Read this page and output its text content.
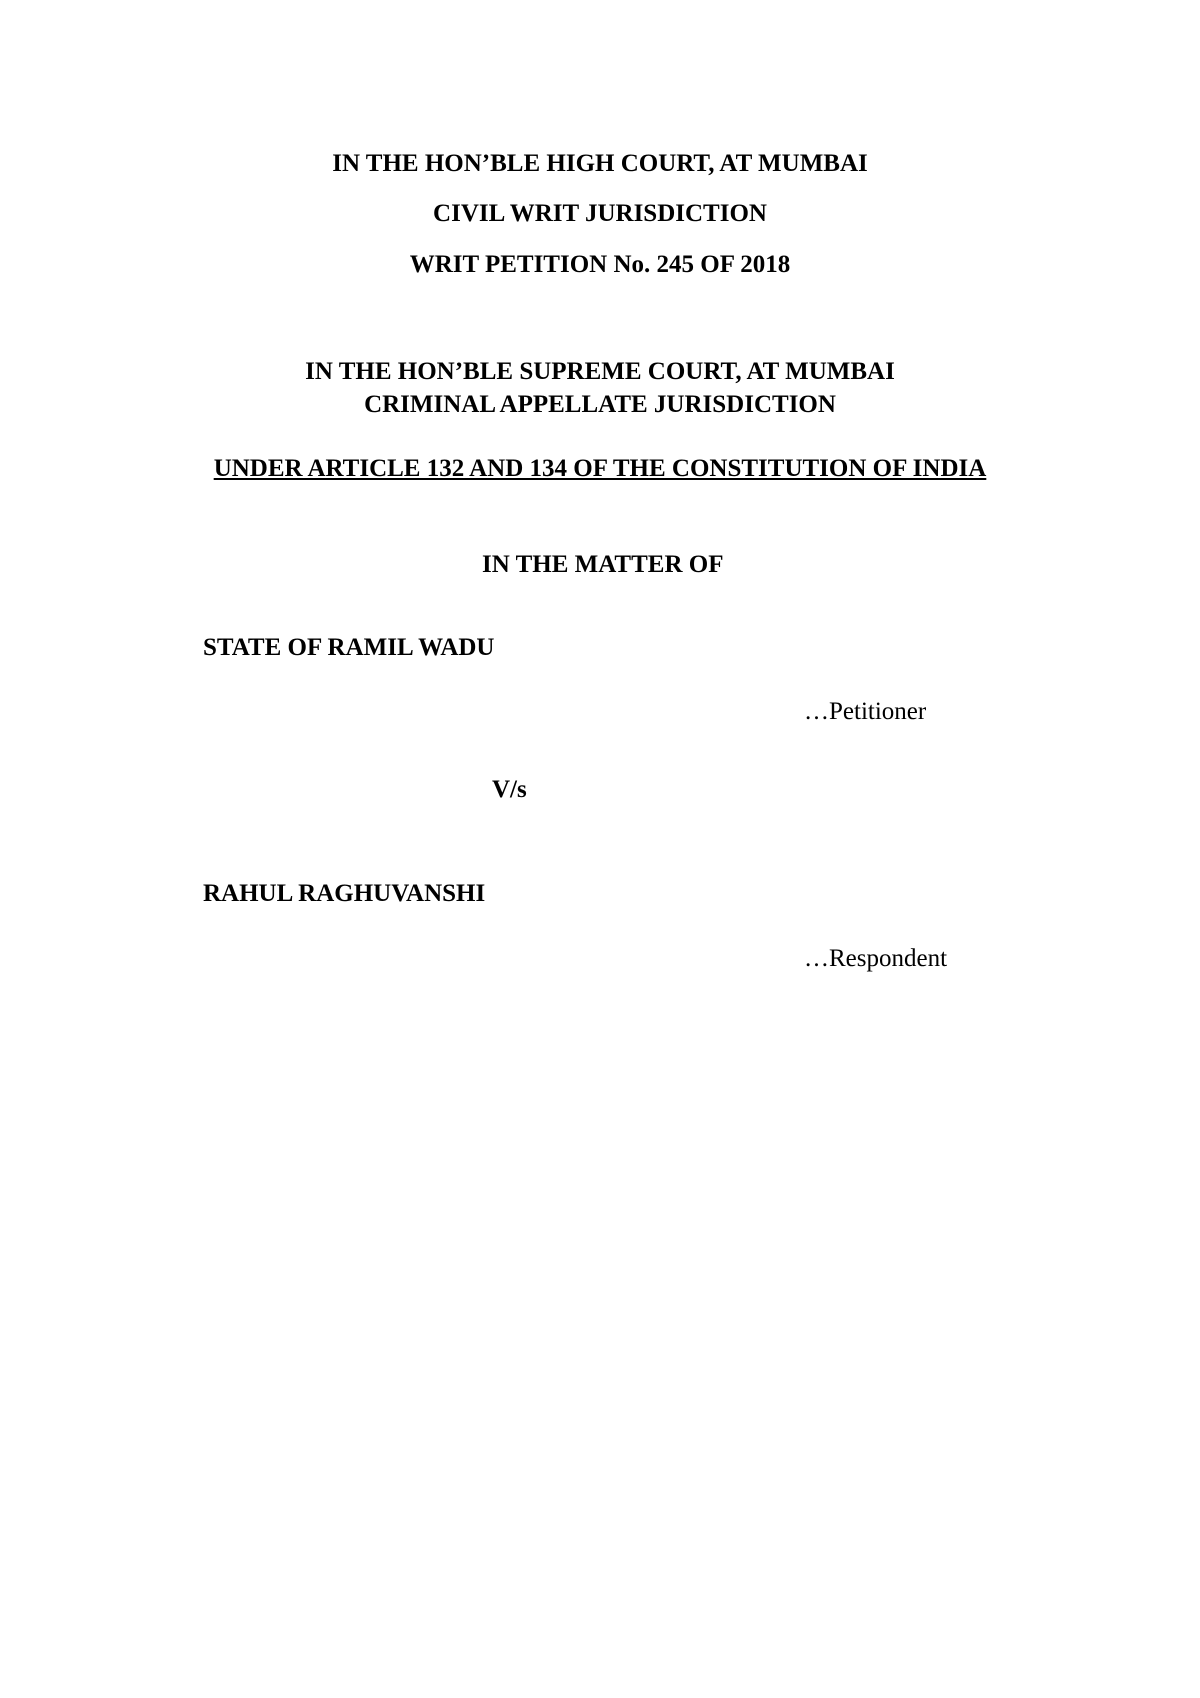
IN THE HON’BLE HIGH COURT, AT MUMBAI
CIVIL WRIT JURISDICTION
WRIT PETITION No. 245 OF 2018
IN THE HON’BLE SUPREME COURT, AT MUMBAI
CRIMINAL APPELLATE JURISDICTION
UNDER ARTICLE 132 AND 134 OF THE CONSTITUTION OF INDIA
IN THE MATTER OF
STATE OF RAMIL WADU
…Petitioner
V/s
RAHUL RAGHUVANSHI
…Respondent
